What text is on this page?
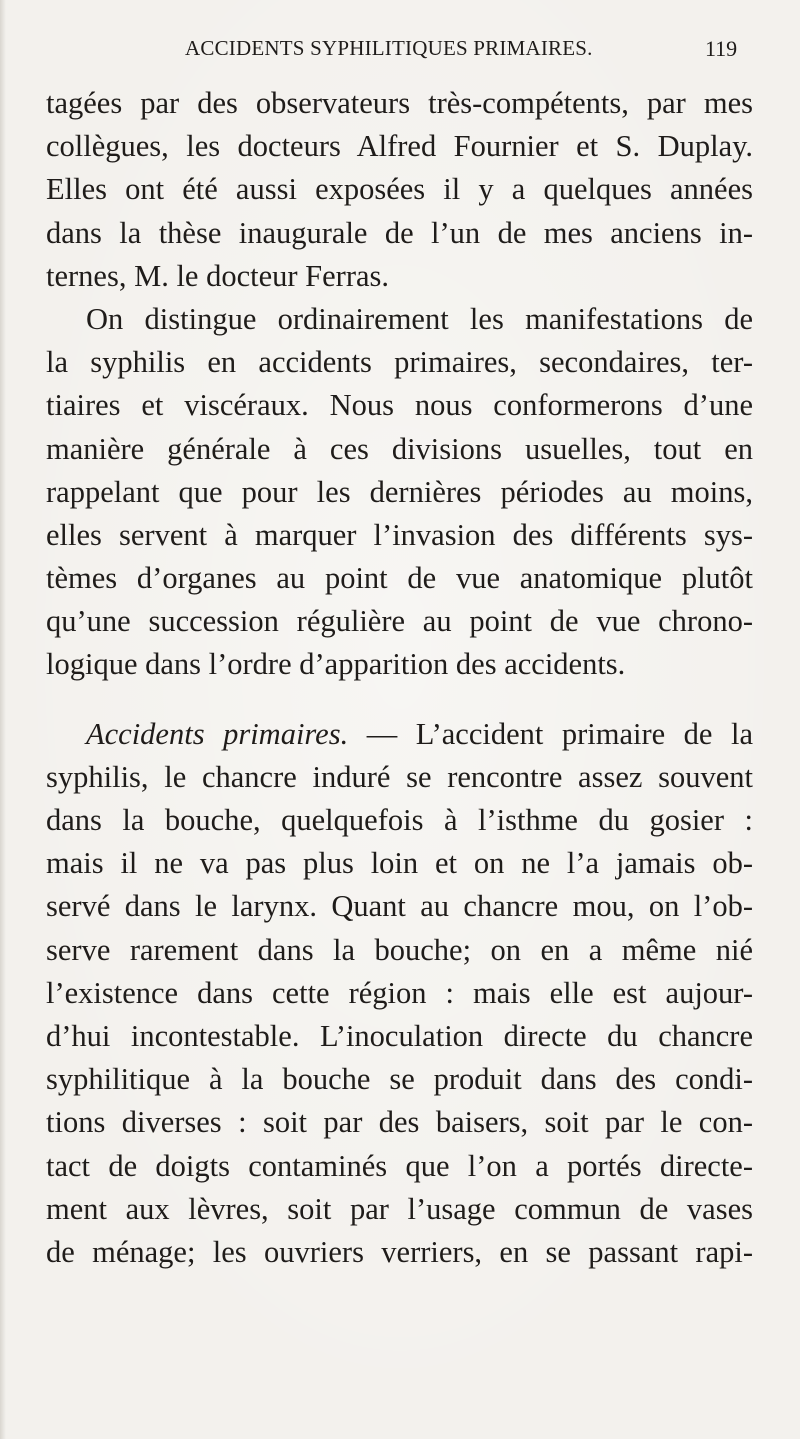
ACCIDENTS SYPHILITIQUES PRIMAIRES.	119
tagées par des observateurs très-compétents, par mes
collègues, les docteurs Alfred Fournier et S. Duplay.
Elles ont été aussi exposées il y a quelques années
dans la thèse inaugurale de l’un de mes anciens in-
ternes, M. le docteur Ferras.
On distingue ordinairement les manifestations de
la syphilis en accidents primaires, secondaires, ter-
tiaires et viscéraux. Nous nous conformerons d’une
manière générale à ces divisions usuelles, tout en
rappelant que pour les dernières périodes au moins,
elles servent à marquer l’invasion des différents sys-
tèmes d’organes au point de vue anatomique plutôt
qu’une succession régulière au point de vue chrono-
logique dans l’ordre d’apparition des accidents.
Accidents primaires. — L’accident primaire de la
syphilis, le chancre induré se rencontre assez souvent
dans la bouche, quelquefois à l’isthme du gosier :
mais il ne va pas plus loin et on ne l’a jamais ob-
servé dans le larynx. Quant au chancre mou, on l’ob-
serve rarement dans la bouche; on en a même nié
l’existence dans cette région : mais elle est aujour-
d’hui incontestable. L’inoculation directe du chancre
syphilitique à la bouche se produit dans des condi-
tions diverses : soit par des baisers, soit par le con-
tact de doigts contaminés que l’on a portés directe-
ment aux lèvres, soit par l’usage commun de vases
de ménage; les ouvriers verriers, en se passant rapi-
